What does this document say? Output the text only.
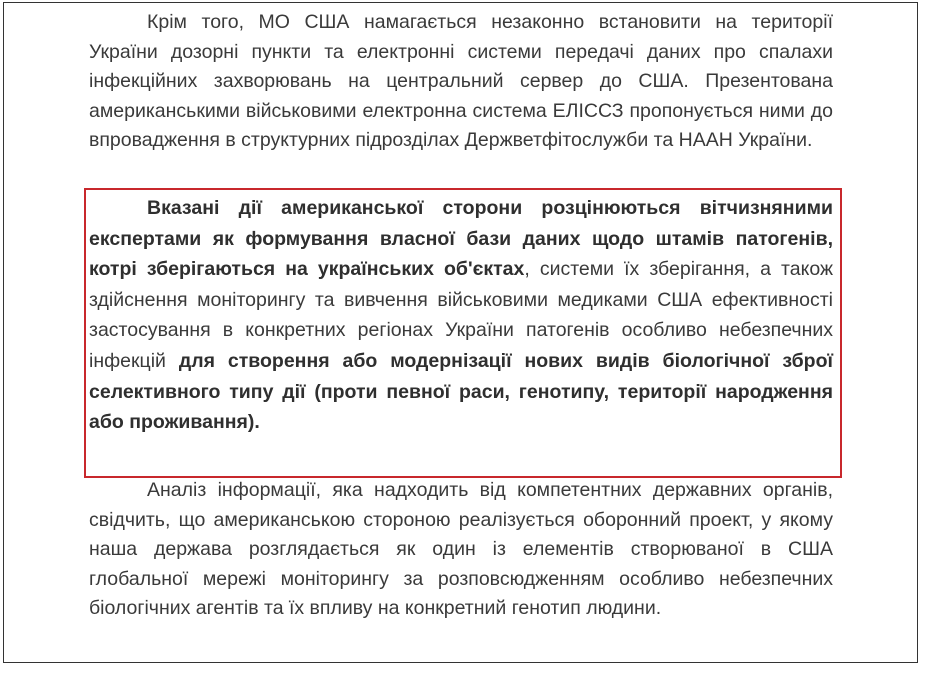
Крім того, МО США намагається незаконно встановити на території України дозорні пункти та електронні системи передачі даних про спалахи інфекційних захворювань на центральний сервер до США. Презентована американськими військовими електронна система ЕЛІССЗ пропонується ними до впровадження в структурних підрозділах Держветфітослужби та НААН України.

Вказані дії американської сторони розцінюються вітчизняними експертами як формування власної бази даних щодо штамів патогенів, котрі зберігаються на українських об'єктах, системи їх зберігання, а також здійснення моніторингу та вивчення військовими медиками США ефективності застосування в конкретних регіонах України патогенів особливо небезпечних інфекцій для створення або модернізації нових видів біологічної зброї селективного типу дії (проти певної раси, генотипу, території народження або проживання).

Аналіз інформації, яка надходить від компетентних державних органів, свідчить, що американською стороною реалізується оборонний проект, у якому наша держава розглядається як один із елементів створюваної в США глобальної мережі моніторингу за розповсюдженням особливо небезпечних біологічних агентів та їх впливу на конкретний генотип людини.
